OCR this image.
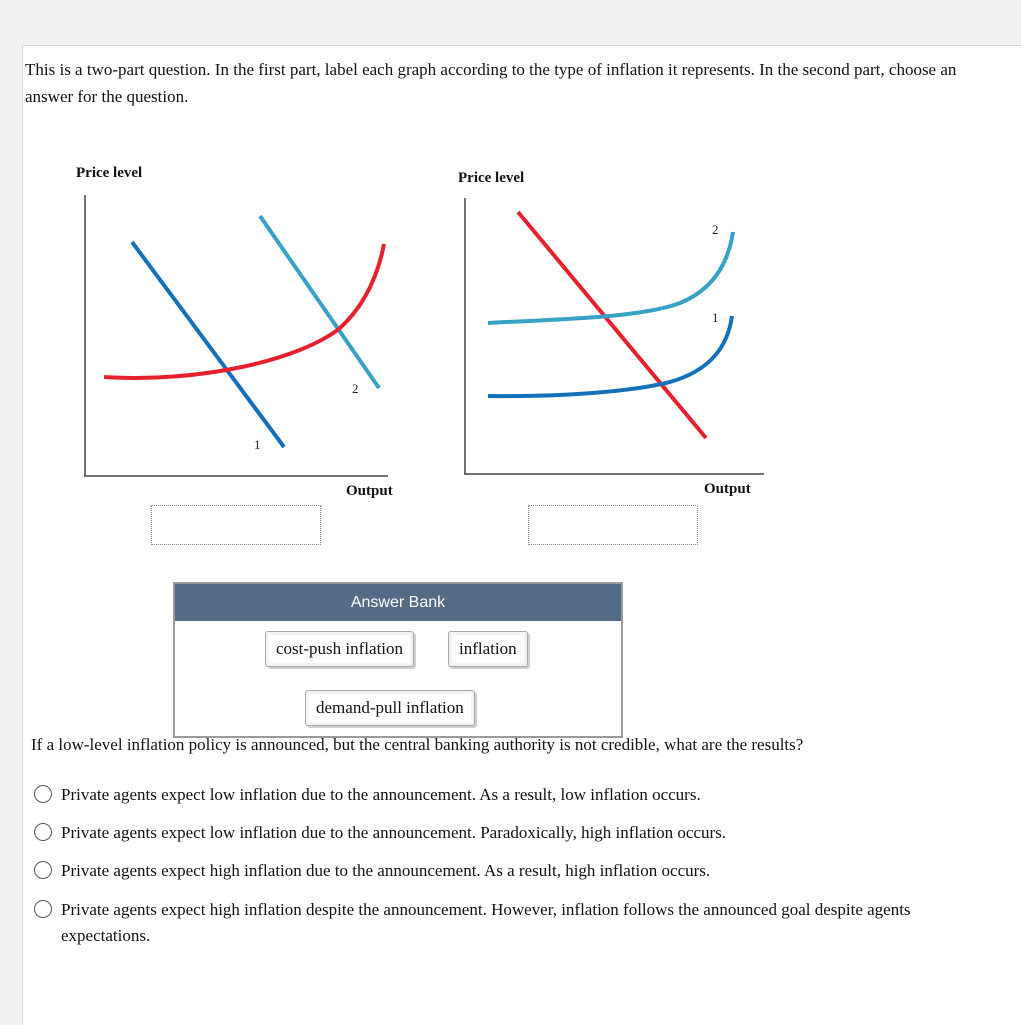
This is a two-part question. In the first part, label each graph according to the type of inflation it represents. In the second part, choose an answer for the question.
Price level
1
2
Output
Price level
2
1
Output
Answer Bank
cost-push inflation	inflation
demand-pull inflation
If a low-level inflation policy is announced, but the central banking authority is not credible, what are the results?
Private agents expect low inflation due to the announcement. As a result, low inflation occurs.
Private agents expect low inflation due to the announcement. Paradoxically, high inflation occurs.
Private agents expect high inflation due to the announcement. As a result, high inflation occurs.
Private agents expect high inflation despite the announcement. However, inflation follows the announced goal despite agents expectations.
